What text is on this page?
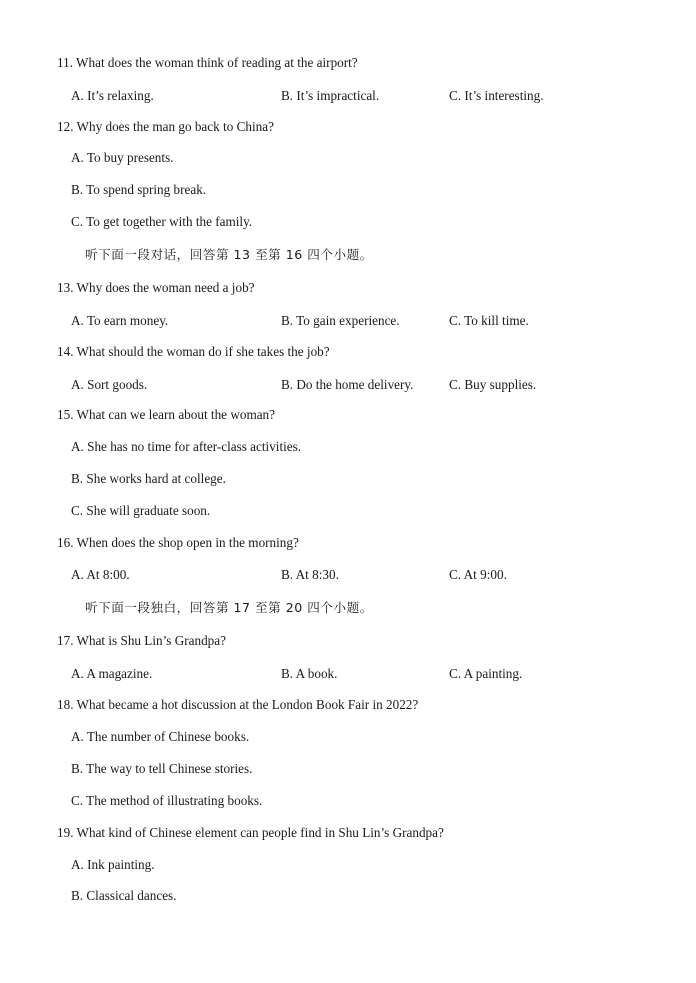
11. What does the woman think of reading at the airport?
A. It’s relaxing.	B. It’s impractical.	C. It’s interesting.
12. Why does the man go back to China?
A. To buy presents.
B. To spend spring break.
C. To get together with the family.
听下面一段对话，回答第 13 至第 16 四个小题。
13. Why does the woman need a job?
A. To earn money.	B. To gain experience.	C. To kill time.
14. What should the woman do if she takes the job?
A. Sort goods.	B. Do the home delivery.	C. Buy supplies.
15. What can we learn about the woman?
A. She has no time for after-class activities.
B. She works hard at college.
C. She will graduate soon.
16. When does the shop open in the morning?
A. At 8:00.	B. At 8:30.	C. At 9:00.
听下面一段独白，回答第 17 至第 20 四个小题。
17. What is Shu Lin’s Grandpa?
A. A magazine.	B. A book.	C. A painting.
18. What became a hot discussion at the London Book Fair in 2022?
A. The number of Chinese books.
B. The way to tell Chinese stories.
C. The method of illustrating books.
19. What kind of Chinese element can people find in Shu Lin’s Grandpa?
A. Ink painting.
B. Classical dances.
